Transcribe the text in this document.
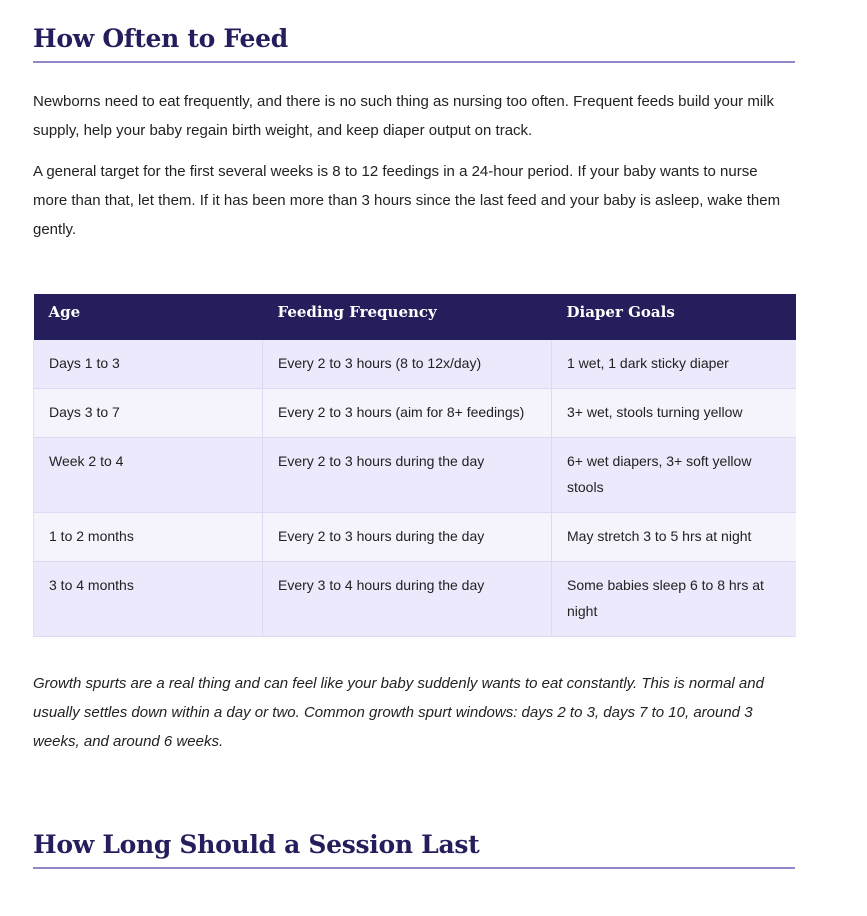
How Often to Feed

Newborns need to eat frequently, and there is no such thing as nursing too often. Frequent feeds build your milk supply, help your baby regain birth weight, and keep diaper output on track.

A general target for the first several weeks is 8 to 12 feedings in a 24-hour period. If your baby wants to nurse more than that, let them. If it has been more than 3 hours since the last feed and your baby is asleep, wake them gently.

Age	Feeding Frequency	Diaper Goals
Days 1 to 3	Every 2 to 3 hours (8 to 12x/day)	1 wet, 1 dark sticky diaper
Days 3 to 7	Every 2 to 3 hours (aim for 8+ feedings)	3+ wet, stools turning yellow
Week 2 to 4	Every 2 to 3 hours during the day	6+ wet diapers, 3+ soft yellow stools
1 to 2 months	Every 2 to 3 hours during the day	May stretch 3 to 5 hrs at night
3 to 4 months	Every 3 to 4 hours during the day	Some babies sleep 6 to 8 hrs at night

Growth spurts are a real thing and can feel like your baby suddenly wants to eat constantly. This is normal and usually settles down within a day or two. Common growth spurt windows: days 2 to 3, days 7 to 10, around 3 weeks, and around 6 weeks.

How Long Should a Session Last
